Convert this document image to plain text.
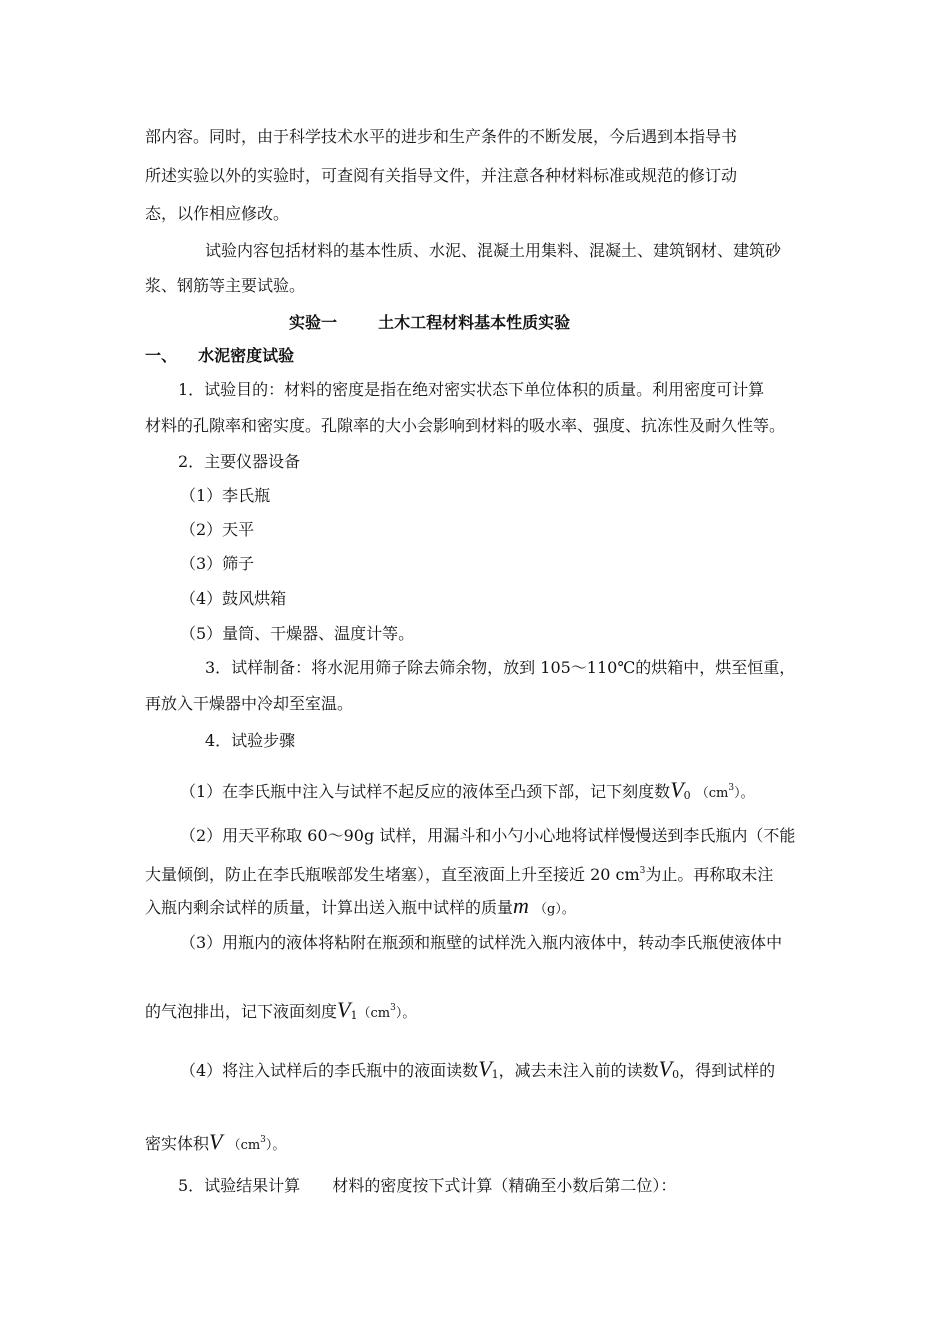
部内容。同时，由于科学技术水平的进步和生产条件的不断发展，今后遇到本指导书
所述实验以外的实验时，可查阅有关指导文件，并注意各种材料标准或规范的修订动
态，以作相应修改。
试验内容包括材料的基本性质、水泥、混凝土用集料、混凝土、建筑钢材、建筑砂
浆、钢筋等主要试验。
实验一	土木工程材料基本性质实验
一、 水泥密度试验
1．试验目的：材料的密度是指在绝对密实状态下单位体积的质量。利用密度可计算
材料的孔隙率和密实度。孔隙率的大小会影响到材料的吸水率、强度、抗冻性及耐久性等。
2．主要仪器设备
（1）李氏瓶
（2）天平
（3）筛子
（4）鼓风烘箱
（5）量筒、干燥器、温度计等。
3．试样制备：将水泥用筛子除去筛余物，放到 105～110℃的烘箱中，烘至恒重，
再放入干燥器中冷却至室温。
4．试验步骤
（1）在李氏瓶中注入与试样不起反应的液体至凸颈下部，记下刻度数V0 $(cm^3)$。
（2）用天平称取 60～90g 试样，用漏斗和小勺小心地将试样慢慢送到李氏瓶内（不能
大量倾倒，防止在李氏瓶喉部发生堵塞），直至液面上升至接近 20 $cm^3$为止。再称取未注
入瓶内剩余试样的质量，计算出送入瓶中试样的质量m （g）。
（3）用瓶内的液体将粘附在瓶颈和瓶壁的试样洗入瓶内液体中，转动李氏瓶使液体中
的气泡排出，记下液面刻度$V1(cm^3)$。
（4）将注入试样后的李氏瓶中的液面读数V1，减去未注入前的读数V0，得到试样的
密实体积V $(cm^3)$。
5．试验结果计算 材料的密度按下式计算（精确至小数后第二位）：
